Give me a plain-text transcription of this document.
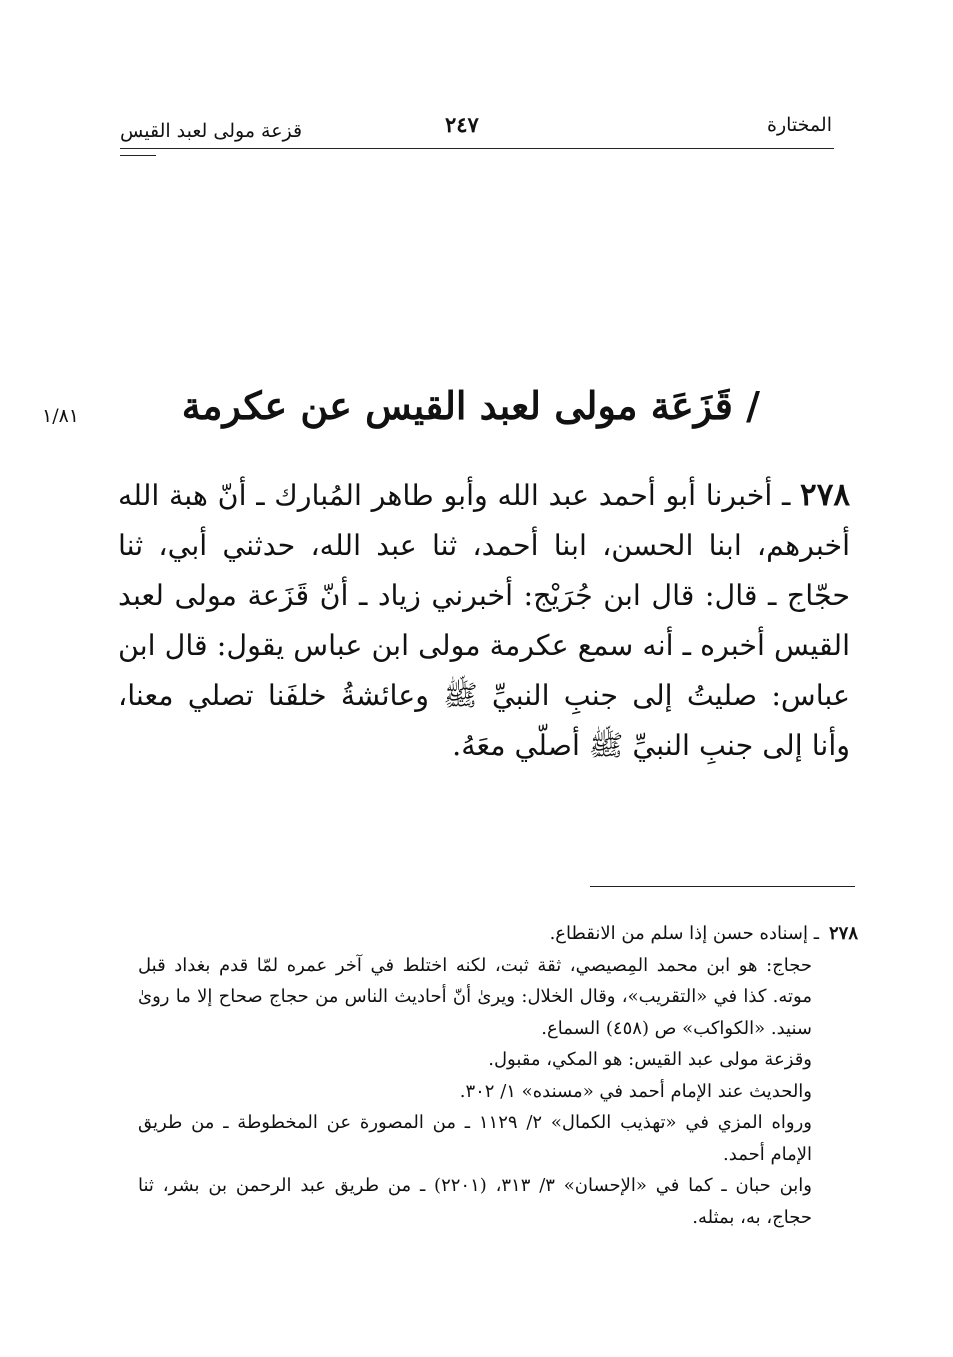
المختارة
٢٤٧
قزعة مولى لعبد القيس
/ قَزَعَة مولى لعبد القيس عن عكرمة
١/٨١

٢٧٨ ـ أخبرنا أبو أحمد عبد الله وأبو طاهر المُبارك ـ أنّ هبة الله أخبرهم، ابنا الحسن، ابنا أحمد، ثنا عبد الله، حدثني أبي، ثنا حجّاج ـ قال: قال ابن جُرَيْج: أخبرني زياد ـ أنّ قَزَعة مولى لعبد القيس أخبره ـ أنه سمع عكرمة مولى ابن عباس يقول: قال ابن عباس: صليتُ إلى جنبِ النبيِّ ﷺ وعائشةُ خلفَنا تصلي معنا، وأنا إلى جنبِ النبيِّ ﷺ أصلّي معَهُ.

٢٧٨ـ إسناده حسن إذا سلم من الانقطاع.

حجاج: هو ابن محمد المِصيصي، ثقة ثبت، لكنه اختلط في آخر عمره لمّا قدم بغداد قبل موته. كذا في «التقريب»، وقال الخلال: ويرىٰ أنّ أحاديث الناس من حجاج صحاح إلا ما روىٰ سنيد. «الكواكب» ص (٤٥٨) السماع.

وقزعة مولى عبد القيس: هو المكي، مقبول.

والحديث عند الإمام أحمد في «مسنده» ١/ ٣٠٢.

ورواه المزي في «تهذيب الكمال» ٢/ ١١٢٩ ـ من المصورة عن المخطوطة ـ من طريق الإمام أحمد.

وابن حبان ـ كما في «الإحسان» ٣/ ٣١٣، (٢٢٠١) ـ من طريق عبد الرحمن بن بشر، ثنا حجاج، به، بمثله.
